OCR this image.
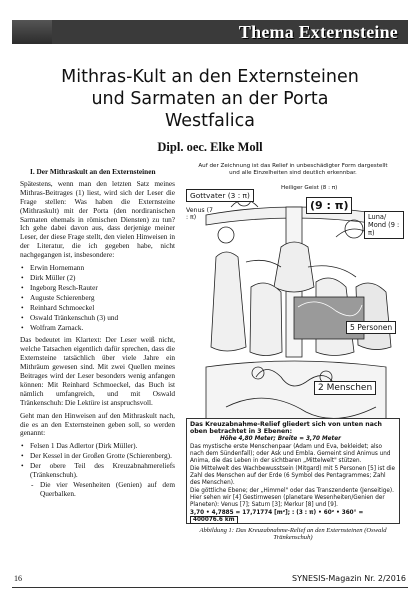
Thema Externsteine
Mithras-Kult an den Externsteinen
und Sarmaten an der Porta
Westfalica
Dipl. oec. Elke Moll
I. Der Mithraskult an den Externsteinen

Spätestens, wenn man den letzten Satz meines Mithras-Beitrages (1) liest, wird sich der Leser die Frage stellen: Was haben die Externsteine (Mithraskult) mit der Porta (den nordiranischen Sarmaten ehemals in römischen Diensten) zu tun? Ich gehe dabei davon aus, dass derjenige meiner Leser, der diese Frage stellt, den vielen Hinweisen in der Literatur, die ich gegeben habe, nicht nachgegangen ist, insbesondere:

• Erwin Hornemann
• Dirk Müller (2)
• Ingeborg Resch-Rauter
• Auguste Schierenberg
• Reinhard Schmoeckel
• Oswald Tränkenschuh (3) und
• Wolfram Zarnack.

Das bedeutet im Klartext: Der Leser weiß nicht, welche Tatsachen eigentlich dafür sprechen, dass die Externsteine tatsächlich über viele Jahre ein Mithräum gewesen sind. Mit zwei Quellen meines Beitrages wird der Leser besonders wenig anfangen können: Mit Reinhard Schmoeckel, das Buch ist nämlich umfangreich, und mit Oswald Tränkenschuh: Die Lektüre ist anspruchsvoll.

Geht man den Hinweisen auf den Mithraskult nach, die es an den Externsteinen geben soll, so werden genannt:

• Felsen 1 Das Adlertor (Dirk Müller).
• Der Kessel in der Großen Grotte (Schierenberg).
• Der obere Teil des Kreuzabnahmereliefs (Tränkenschuh).
- Die vier Wesenheiten (Genien) auf dem Querbalken.
Auf der Zeichnung ist das Relief in unbeschädigter Form dargestellt
und alle Einzelheiten sind deutlich erkennbar.
Heiliger Geist (8 : π)
Gottvater (3 : π)
Venus (7 : π)
(9 : π)
Luna/ Mond (9 : π)
5 Personen
2 Menschen
Das Kreuzabnahme-Relief gliedert sich von unten nach oben betrachtet in 3 Ebenen:
Höhe 4,80 Meter; Breite = 3,70 Meter
Das mystische erste Menschenpaar (Adam und Eva, bekleidet; also nach dem Sündenfall); oder Ask und Embla. Gemeint sind Animus und Anima, die das Leben in der sichtbaren „Mittelwelt" stützen.
Die Mittelwelt des Wachbewusstsein (Mitgard) mit 5 Personen [5] ist die Zahl des Menschen auf der Erde (6 Symbol des Pentagrammes; Zahl des Menschen).
Die göttliche Ebene; der „Himmel" oder das Transzendente (Jenseitige). Hier sehen wir [4] Gestirnwesen (planetare Wesenheiten/Genien der Planeten): Venus [7]; Saturn [3]; Merkur [8] und [9].
3,70 • 4,7885 = 17,71774 [m²]; : (3 : π) • 60² • 360° = 400076.6 km
Abbildung 1: Das Kreuzabnahme-Relief an den Externsteinen (Oswald Tränkenschuh)
16	SYNESIS-Magazin Nr. 2/2016
